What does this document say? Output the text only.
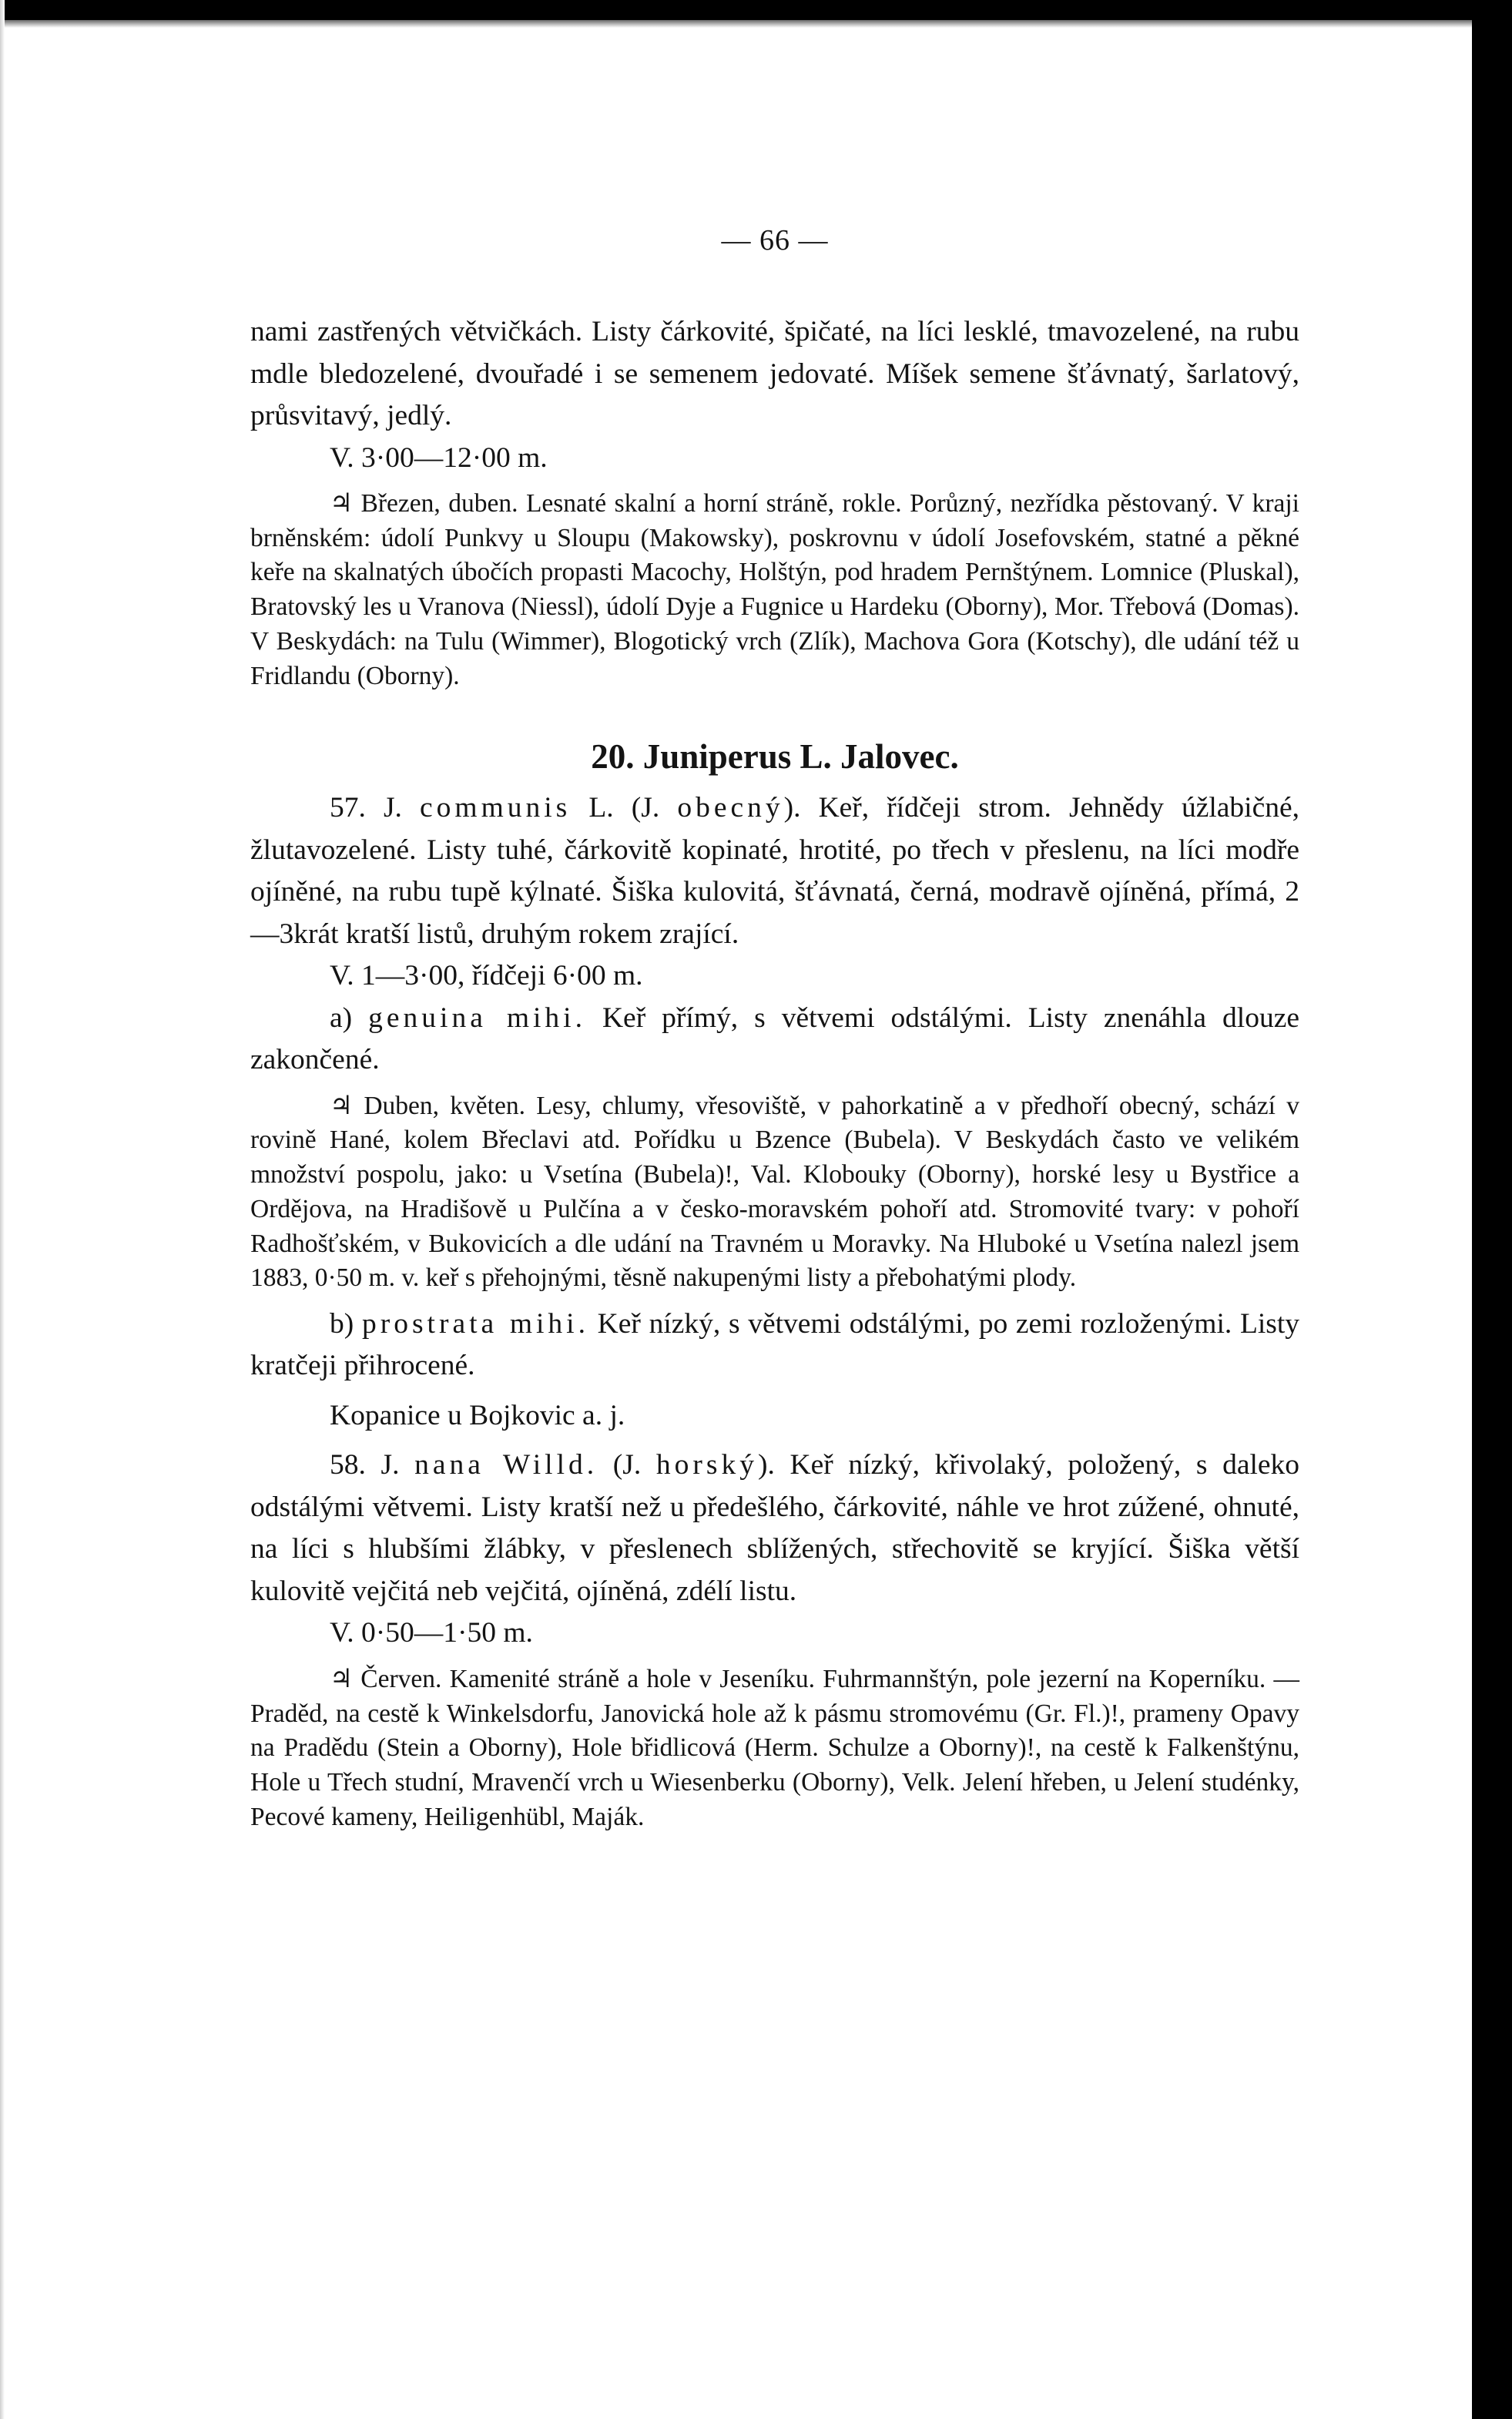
— 66 —

nami zastřených větvičkách. Listy čárkovité, špičaté, na líci lesklé, tmavozelené, na rubu mdle bledozelené, dvouřadé i se semenem jedovaté. Míšek semene šťávnatý, šarlatový, průsvitavý, jedlý.

V. 3·00—12·00 m.

♃ Březen, duben. Lesnaté skalní a horní stráně, rokle. Porůzný, nezřídka pěstovaný. V kraji brněnském: údolí Punkvy u Sloupu (Makowsky), poskrovnu v údolí Josefovském, statné a pěkné keře na skalnatých úbočích propasti Macochy, Holštýn, pod hradem Pernštýnem. Lomnice (Pluskal), Bratovský les u Vranova (Niessl), údolí Dyje a Fugnice u Hardeku (Oborny), Mor. Třebová (Domas). V Beskydách: na Tulu (Wimmer), Blogotický vrch (Zlík), Machova Gora (Kotschy), dle udání též u Fridlandu (Oborny).

20. Juniperus L. Jalovec.

57. J. communis L. (J. obecný). Keř, řídčeji strom. Jehnědy úžlabičné, žlutavozelené. Listy tuhé, čárkovitě kopinaté, hrotité, po třech v přeslenu, na líci modře ojíněné, na rubu tupě kýlnaté. Šiška kulovitá, šťávnatá, černá, modravě ojíněná, přímá, 2—3krát kratší listů, druhým rokem zrající.

V. 1—3·00, řídčeji 6·00 m.

a) genuina mihi. Keř přímý, s větvemi odstálými. Listy znenáhla dlouze zakončené.

♃ Duben, květen. Lesy, chlumy, vřesoviště, v pahorkatině a v předhoří obecný, schází v rovině Hané, kolem Břeclavi atd. Pořídku u Bzence (Bubela). V Beskydách často ve velikém množství pospolu, jako: u Vsetína (Bubela)!, Val. Klobouky (Oborny), horské lesy u Bystřice a Ordějova, na Hradišově u Pulčína a v česko-moravském pohoří atd. Stromovité tvary: v pohoří Radhošťském, v Bukovicích a dle udání na Travném u Moravky. Na Hluboké u Vsetína nalezl jsem 1883, 0·50 m. v. keř s přehojnými, těsně nakupenými listy a přebohatými plody.

b) prostrata mihi. Keř nízký, s větvemi odstálými, po zemi rozloženými. Listy kratčeji přihrocené.

Kopanice u Bojkovic a. j.

58. J. nana Willd. (J. horský). Keř nízký, křivolaký, položený, s daleko odstálými větvemi. Listy kratší než u předešlého, čárkovité, náhle ve hrot zúžené, ohnuté, na líci s hlubšími žlábky, v přeslenech sblížených, střechovitě se kryjící. Šiška větší kulovitě vejčitá neb vejčitá, ojíněná, zdélí listu.

V. 0·50—1·50 m.

♃ Červen. Kamenité stráně a hole v Jeseníku. Fuhrmannštýn, pole jezerní na Koperníku. — Praděd, na cestě k Winkelsdorfu, Janovická hole až k pásmu stromovému (Gr. Fl.)!, prameny Opavy na Pradědu (Stein a Oborny), Hole břidlicová (Herm. Schulze a Oborny)!, na cestě k Falkenštýnu, Hole u Třech studní, Mravenčí vrch u Wiesenberku (Oborny), Velk. Jelení hřeben, u Jelení studénky, Pecové kameny, Heiligenhübl, Maják.
